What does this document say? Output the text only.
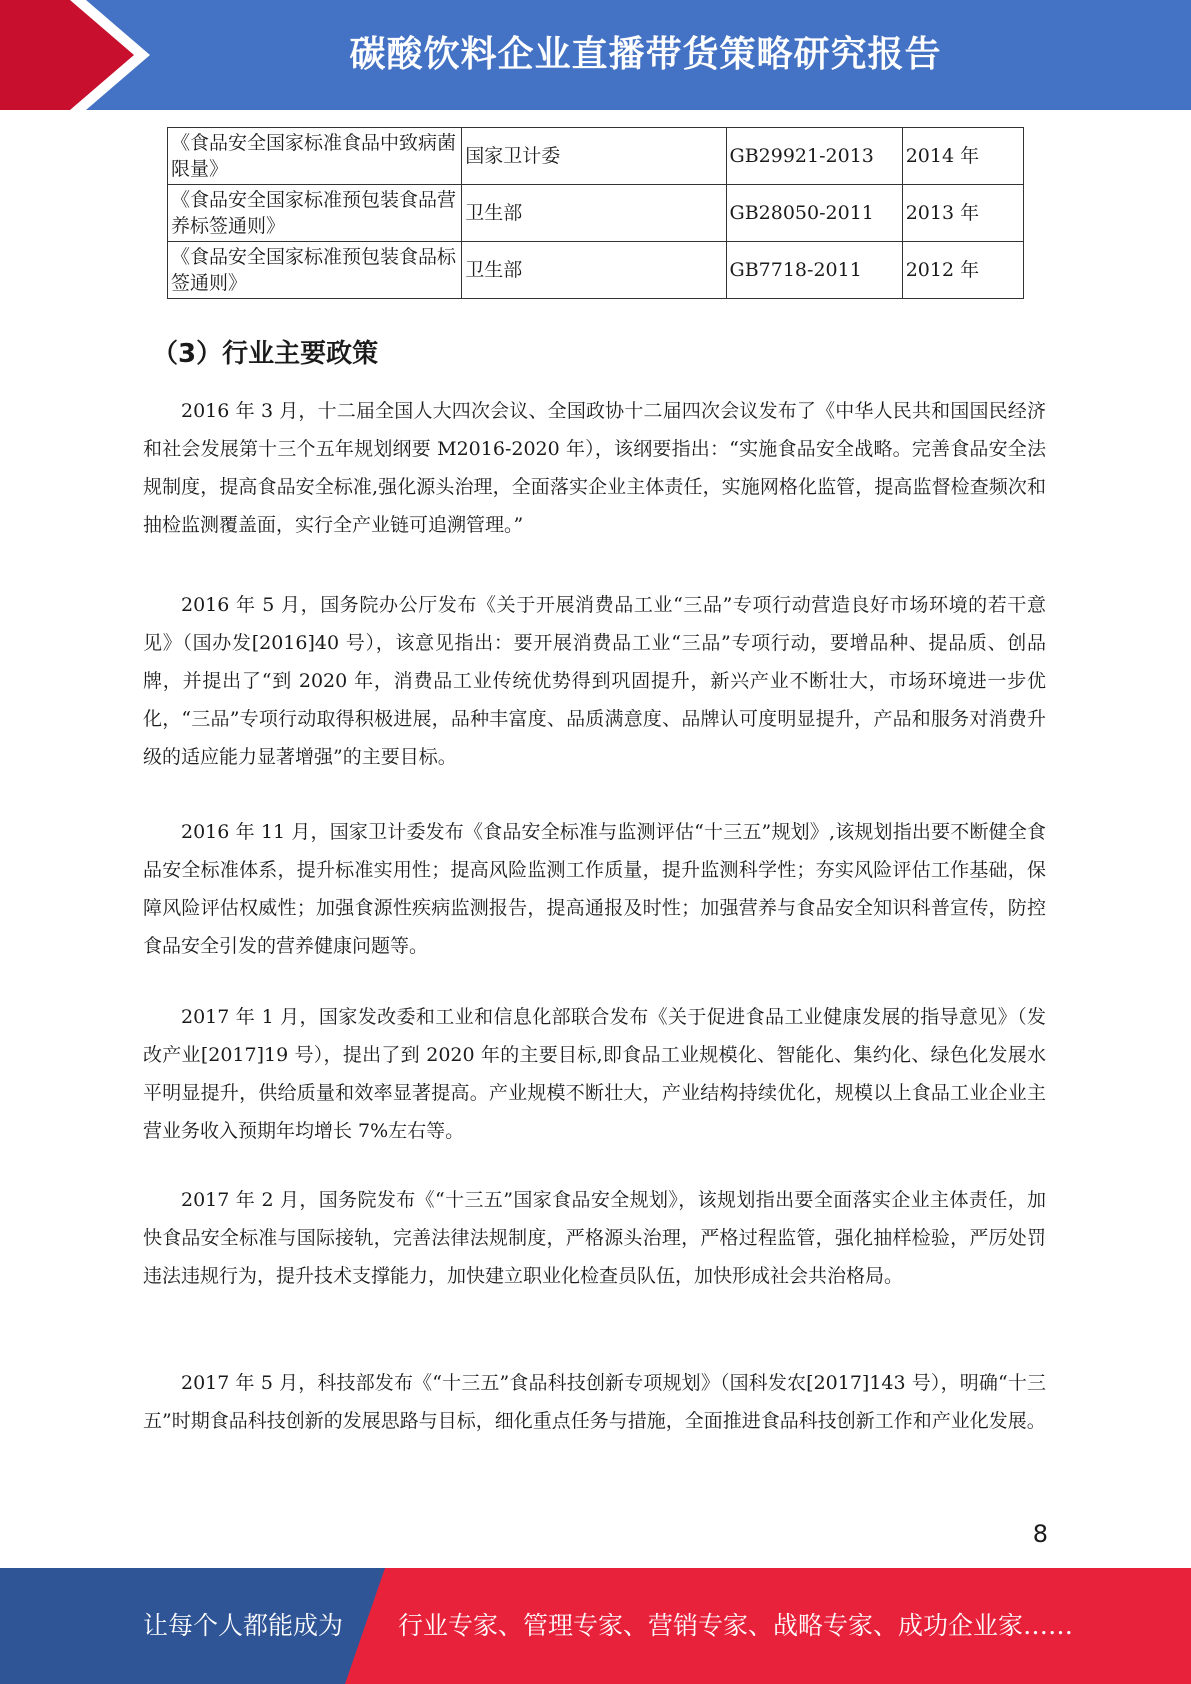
碳酸饮料企业直播带货策略研究报告
《食品安全国家标准食品中致病菌限量》	国家卫计委	GB29921-2013	2014 年
《食品安全国家标准预包装食品营养标签通则》	卫生部	GB28050-2011	2013 年
《食品安全国家标准预包装食品标签通则》	卫生部	GB7718-2011	2012 年
（3）行业主要政策

2016 年 3 月，十二届全国人大四次会议、全国政协十二届四次会议发布了《中华人民共和国国民经济和社会发展第十三个五年规划纲要 M2016-2020 年），该纲要指出：“实施食品安全战略。完善食品安全法规制度，提高食品安全标准,强化源头治理，全面落实企业主体责任，实施网格化监管，提高监督检查频次和抽检监测覆盖面，实行全产业链可追溯管理。”

2016 年 5 月，国务院办公厅发布《关于开展消费品工业“三品”专项行动营造良好市场环境的若干意见》（国办发[2016]40 号），该意见指出：要开展消费品工业“三品”专项行动，要增品种、提品质、创品牌，并提出了“到 2020 年，消费品工业传统优势得到巩固提升，新兴产业不断壮大，市场环境进一步优化，“三品”专项行动取得积极进展，品种丰富度、品质满意度、品牌认可度明显提升，产品和服务对消费升级的适应能力显著增强”的主要目标。

2016 年 11 月，国家卫计委发布《食品安全标准与监测评估“十三五”规划》,该规划指出要不断健全食品安全标准体系，提升标准实用性；提高风险监测工作质量，提升监测科学性；夯实风险评估工作基础，保障风险评估权威性；加强食源性疾病监测报告，提高通报及时性；加强营养与食品安全知识科普宣传，防控食品安全引发的营养健康问题等。

2017 年 1 月，国家发改委和工业和信息化部联合发布《关于促进食品工业健康发展的指导意见》（发改产业[2017]19 号），提出了到 2020 年的主要目标,即食品工业规模化、智能化、集约化、绿色化发展水平明显提升，供给质量和效率显著提高。产业规模不断壮大，产业结构持续优化，规模以上食品工业企业主营业务收入预期年均增长 7%左右等。

2017 年 2 月，国务院发布《“十三五”国家食品安全规划》，该规划指出要全面落实企业主体责任，加快食品安全标准与国际接轨，完善法律法规制度，严格源头治理，严格过程监管，强化抽样检验，严厉处罚违法违规行为，提升技术支撑能力，加快建立职业化检查员队伍，加快形成社会共治格局。

2017 年 5 月，科技部发布《“十三五”食品科技创新专项规划》（国科发农[2017]143 号），明确“十三五”时期食品科技创新的发展思路与目标，细化重点任务与措施，全面推进食品科技创新工作和产业化发展。

8
让每个人都能成为 行业专家、管理专家、营销专家、战略专家、成功企业家……
